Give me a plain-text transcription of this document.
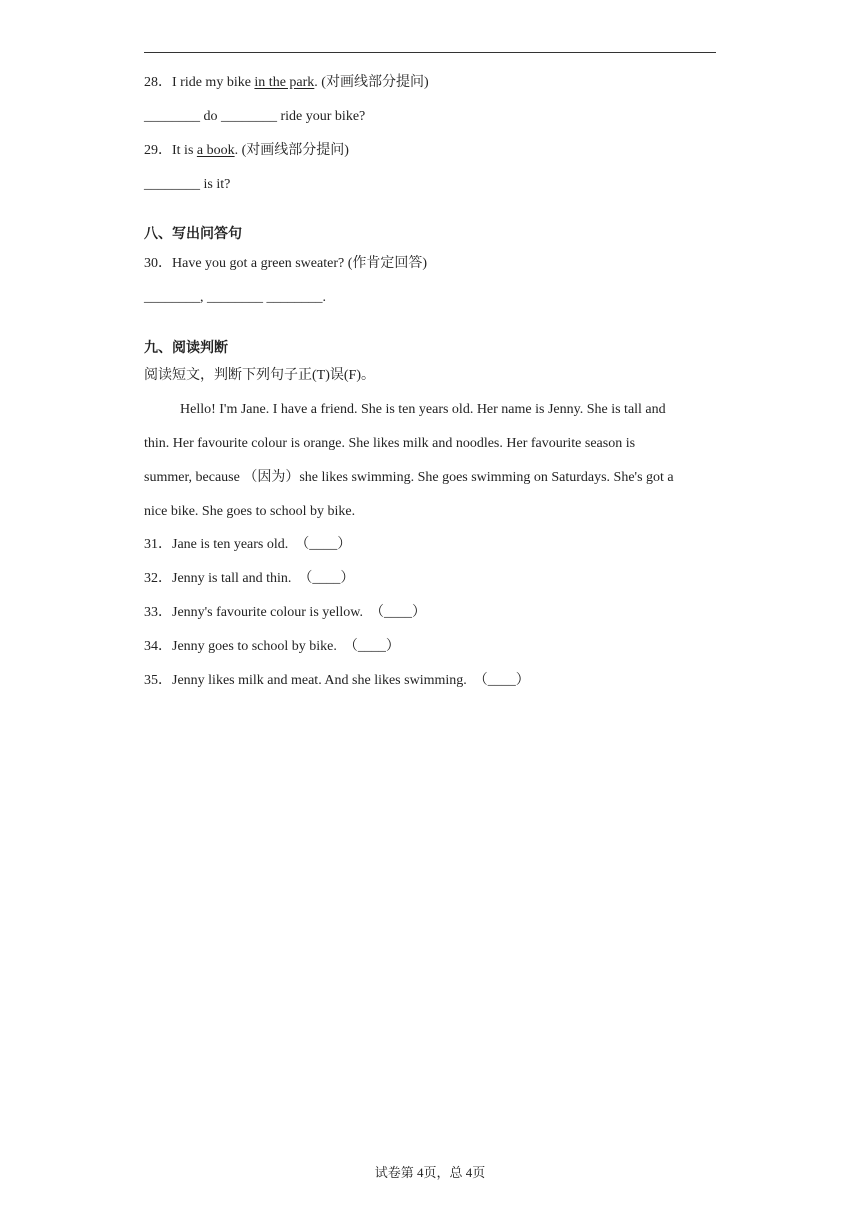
28．I ride my bike in the park. (对画线部分提问)
________ do ________ ride your bike?
29．It is a book. (对画线部分提问)
________ is it?
八、写出问答句
30．Have you got a green sweater? (作肯定回答)
________, ________ ________.
九、阅读判断
阅读短文，判断下列句子正(T)误(F)。
Hello! I'm Jane. I have a friend. She is ten years old. Her name is Jenny. She is tall and
thin. Her favourite colour is orange. She likes milk and noodles. Her favourite season is
summer, because （因为）she likes swimming. She goes swimming on Saturdays. She's got a
nice bike. She goes to school by bike.
31．Jane is ten years old. （____）
32．Jenny is tall and thin. （____）
33．Jenny's favourite colour is yellow. （____）
34．Jenny goes to school by bike. （____）
35．Jenny likes milk and meat. And she likes swimming. （____）
试卷第 4页，总 4页
